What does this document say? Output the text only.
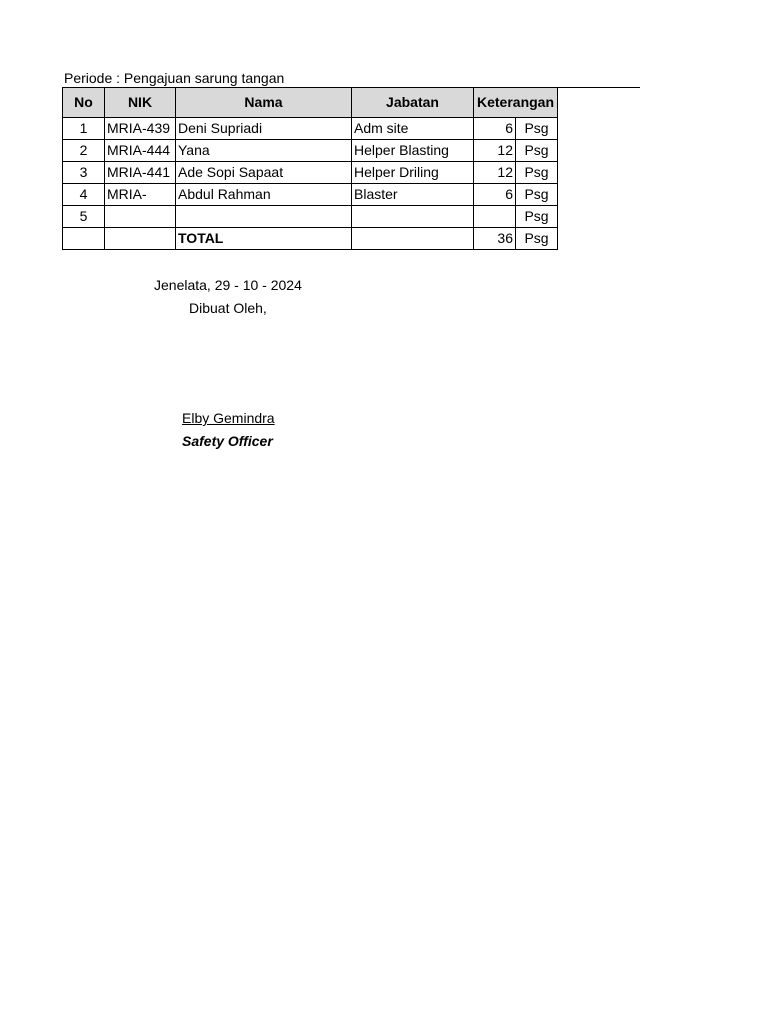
Periode : Pengajuan sarung tangan
No	NIK	Nama	Jabatan	Keterangan	
1	MRIA-439	Deni Supriadi	Adm site	6	Psg
2	MRIA-444	Yana	Helper Blasting	12	Psg
3	MRIA-441	Ade Sopi Sapaat	Helper Driling	12	Psg
4	MRIA-	Abdul Rahman	Blaster	6	Psg
5					Psg
		TOTAL		36	Psg
Jenelata, 29 - 10 - 2024
Dibuat Oleh,
Elby Gemindra
Safety Officer
